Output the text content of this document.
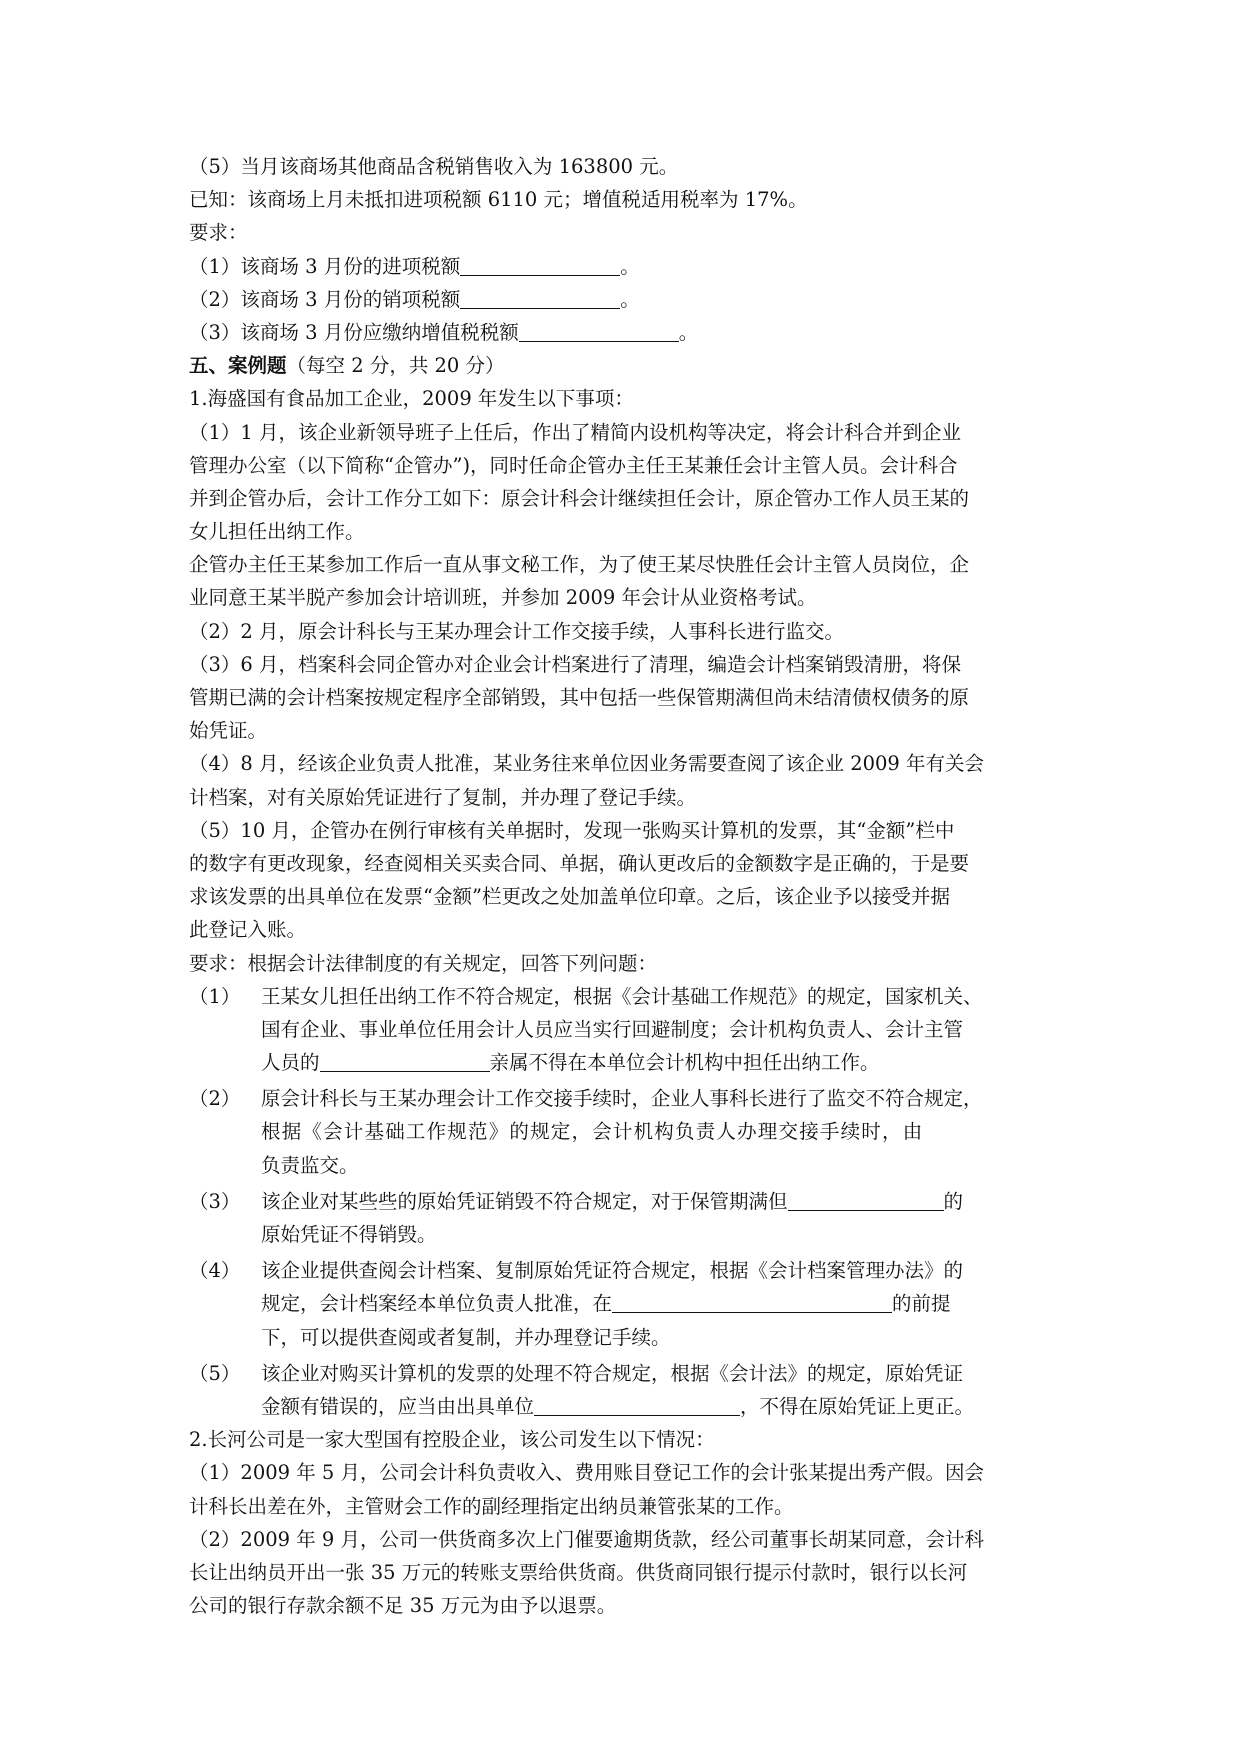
（5）当月该商场其他商品含税销售收入为 163800 元。
已知：该商场上月未抵扣进项税额 6110 元；增值税适用税率为 17%。
要求：
（1）该商场 3 月份的进项税额	。
（2）该商场 3 月份的销项税额	。
（3）该商场 3 月份应缴纳增值税税额	。
五、案例题（每空 2 分，共 20 分）
1.海盛国有食品加工企业，2009 年发生以下事项：
（1）1 月，该企业新领导班子上任后，作出了精简内设机构等决定，将会计科合并到企业
管理办公室（以下简称“企管办”)，同时任命企管办主任王某兼任会计主管人员。会计科合
并到企管办后，会计工作分工如下：原会计科会计继续担任会计，原企管办工作人员王某的
女儿担任出纳工作。
企管办主任王某参加工作后一直从事文秘工作，为了使王某尽快胜任会计主管人员岗位，企
业同意王某半脱产参加会计培训班，并参加 2009 年会计从业资格考试。
（2）2 月，原会计科长与王某办理会计工作交接手续，人事科长进行监交。
（3）6 月，档案科会同企管办对企业会计档案进行了清理，编造会计档案销毁清册，将保
管期已满的会计档案按规定程序全部销毁，其中包括一些保管期满但尚未结清债权债务的原
始凭证。
（4）8 月，经该企业负责人批准，某业务往来单位因业务需要查阅了该企业 2009 年有关会
计档案，对有关原始凭证进行了复制，并办理了登记手续。
（5）10 月，企管办在例行审核有关单据时，发现一张购买计算机的发票，其“金额”栏中
的数字有更改现象，经查阅相关买卖合同、单据，确认更改后的金额数字是正确的，于是要
求该发票的出具单位在发票“金额”栏更改之处加盖单位印章。之后，该企业予以接受并据
此登记入账。
要求：根据会计法律制度的有关规定，回答下列问题：
（1）	王某女儿担任出纳工作不符合规定，根据《会计基础工作规范》的规定，国家机关、
国有企业、事业单位任用会计人员应当实行回避制度；会计机构负责人、会计主管
人员的	亲属不得在本单位会计机构中担任出纳工作。
（2）	原会计科长与王某办理会计工作交接手续时，企业人事科长进行了监交不符合规定，
根据《会计基础工作规范》的规定，会计机构负责人办理交接手续时，由
负责监交。
（3）	该企业对某些些的原始凭证销毁不符合规定，对于保管期满但	的
原始凭证不得销毁。
（4）	该企业提供查阅会计档案、复制原始凭证符合规定，根据《会计档案管理办法》的
规定，会计档案经本单位负责人批准，在	的前提
下，可以提供查阅或者复制，并办理登记手续。
（5）	该企业对购买计算机的发票的处理不符合规定，根据《会计法》的规定，原始凭证
金额有错误的，应当由出具单位	，不得在原始凭证上更正。
2.长河公司是一家大型国有控股企业，该公司发生以下情况：
（1）2009 年 5 月，公司会计科负责收入、费用账目登记工作的会计张某提出秀产假。因会
计科长出差在外，主管财会工作的副经理指定出纳员兼管张某的工作。
（2）2009 年 9 月，公司一供货商多次上门催要逾期货款，经公司董事长胡某同意，会计科
长让出纳员开出一张 35 万元的转账支票给供货商。供货商同银行提示付款时，银行以长河
公司的银行存款余额不足 35 万元为由予以退票。
